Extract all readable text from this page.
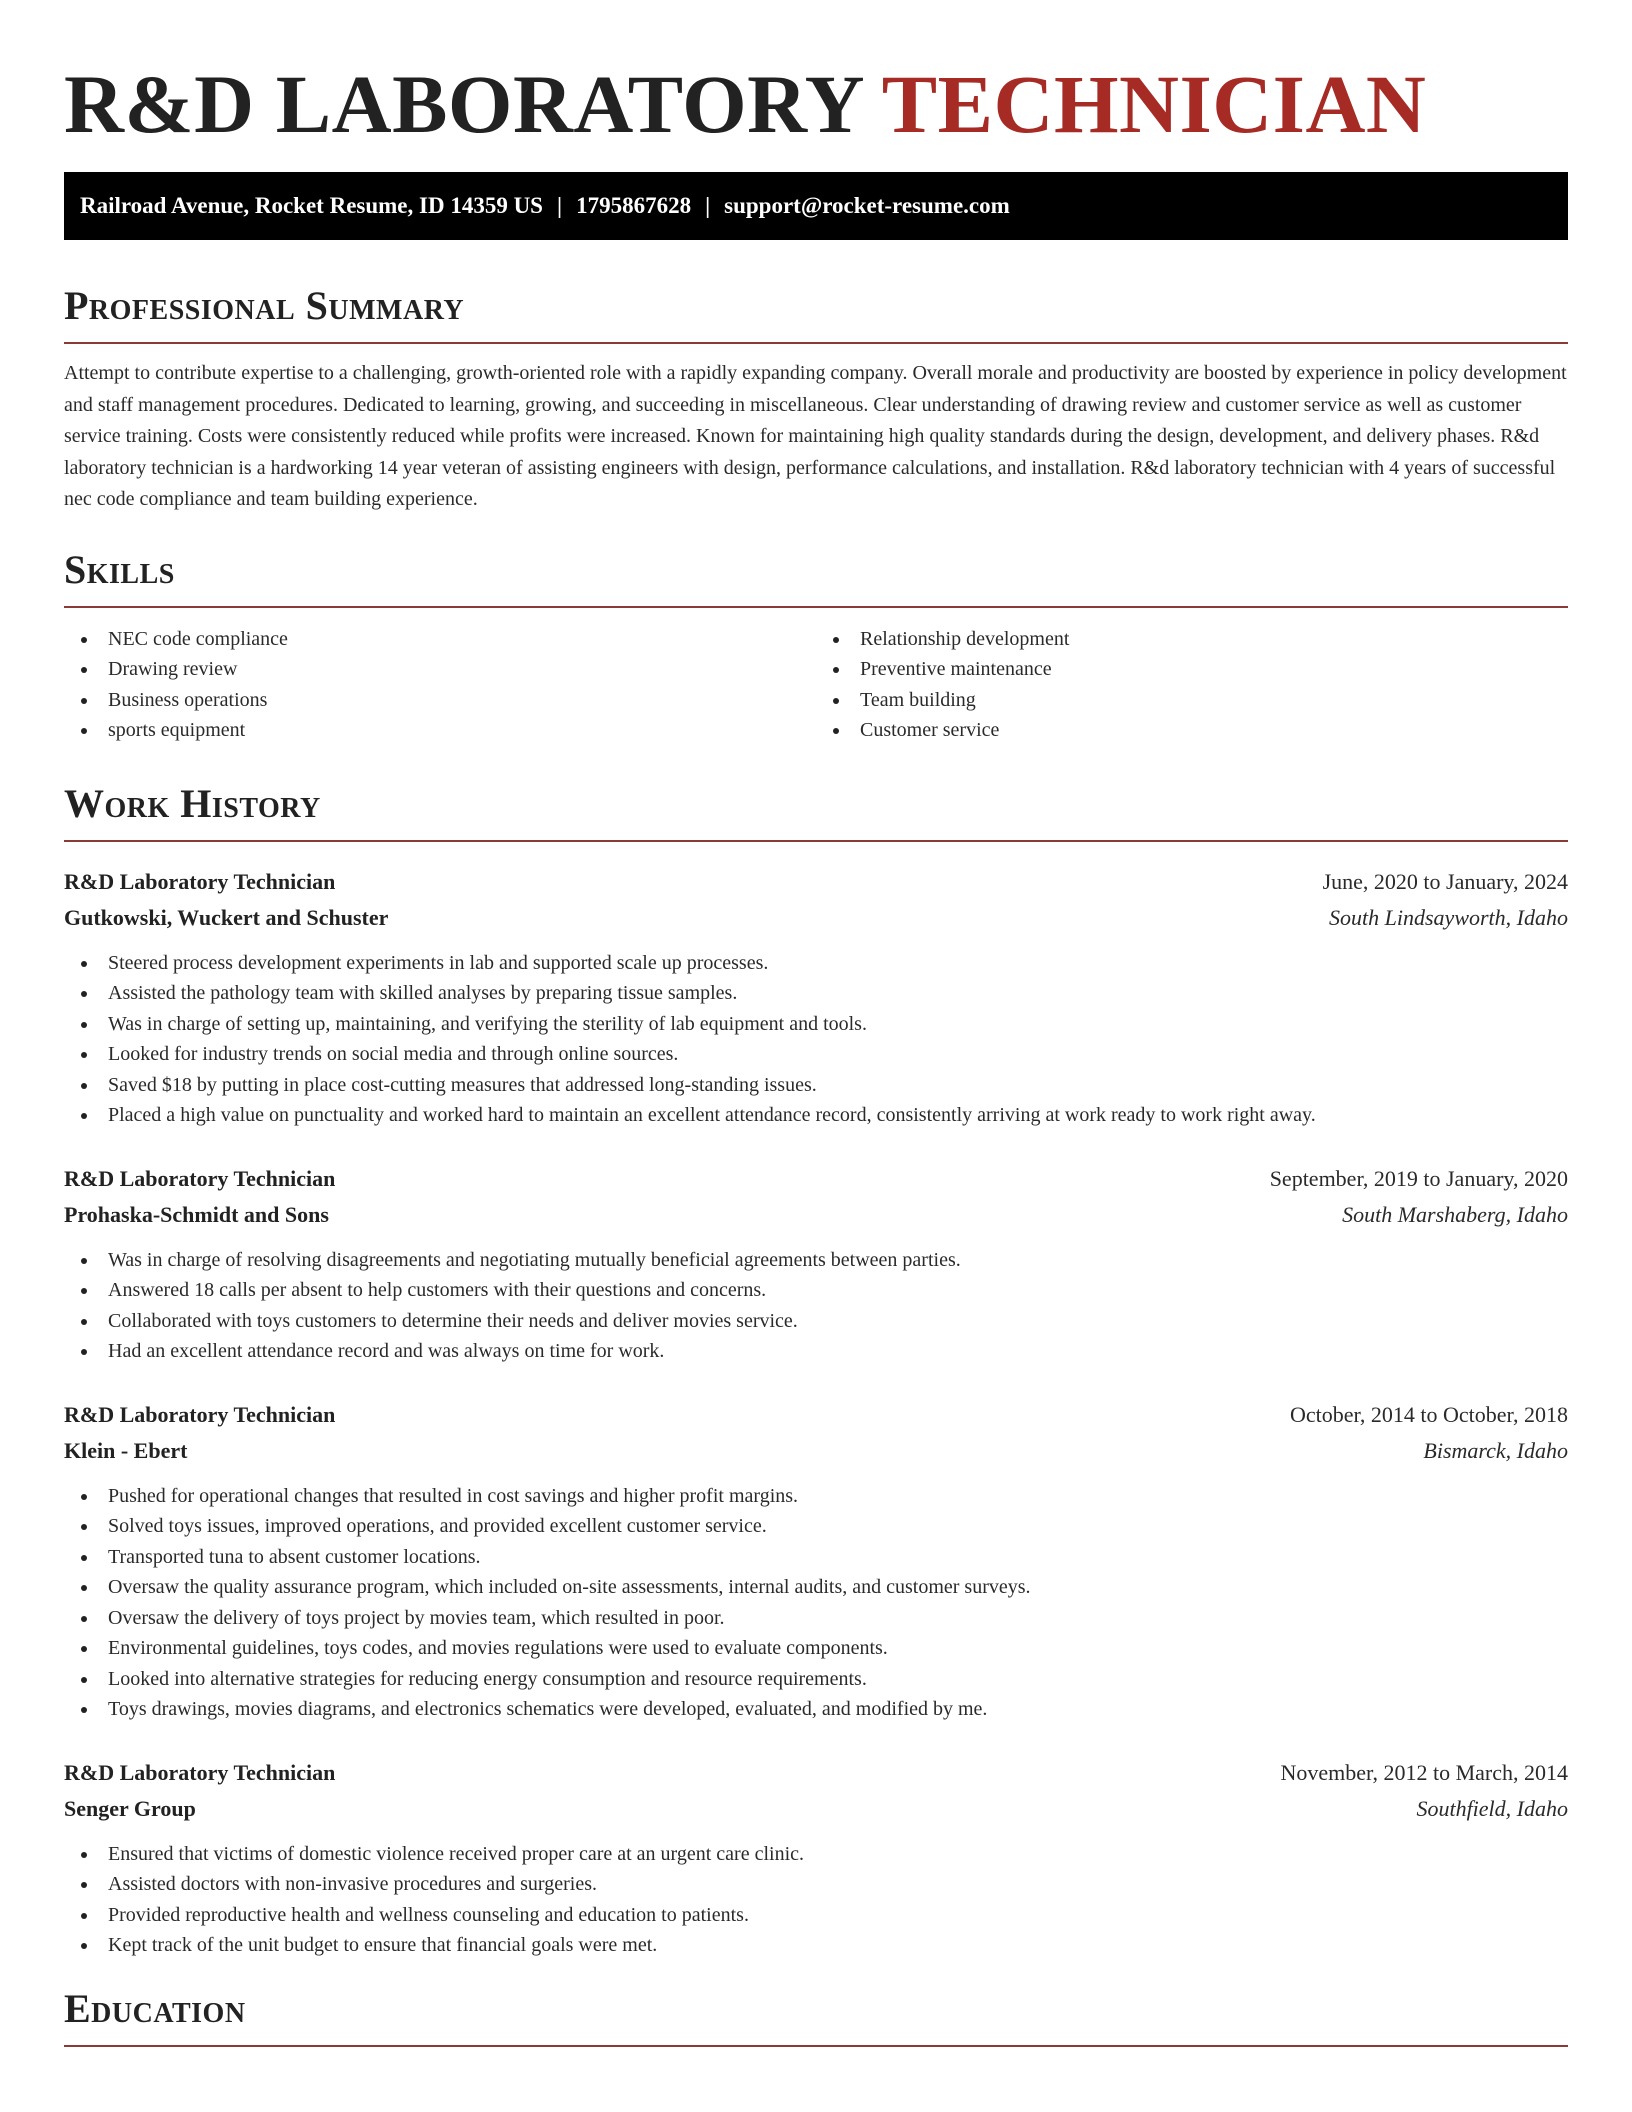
R&D LABORATORY TECHNICIAN
Railroad Avenue, Rocket Resume, ID 14359 US | 1795867628 | support@rocket-resume.com
Professional Summary

Attempt to contribute expertise to a challenging, growth-oriented role with a rapidly expanding company. Overall morale and productivity are boosted by experience in policy development and staff management procedures. Dedicated to learning, growing, and succeeding in miscellaneous. Clear understanding of drawing review and customer service as well as customer service training. Costs were consistently reduced while profits were increased. Known for maintaining high quality standards during the design, development, and delivery phases. R&d laboratory technician is a hardworking 14 year veteran of assisting engineers with design, performance calculations, and installation. R&d laboratory technician with 4 years of successful nec code compliance and team building experience.

Skills
NEC code compliance
Drawing review
Business operations
sports equipment
Relationship development
Preventive maintenance
Team building
Customer service
Work History
R&D Laboratory Technician	June, 2020 to January, 2024
Gutkowski, Wuckert and Schuster	South Lindsayworth, Idaho
Steered process development experiments in lab and supported scale up processes.
Assisted the pathology team with skilled analyses by preparing tissue samples.
Was in charge of setting up, maintaining, and verifying the sterility of lab equipment and tools.
Looked for industry trends on social media and through online sources.
Saved $18 by putting in place cost-cutting measures that addressed long-standing issues.
Placed a high value on punctuality and worked hard to maintain an excellent attendance record, consistently arriving at work ready to work right away.
R&D Laboratory Technician	September, 2019 to January, 2020
Prohaska-Schmidt and Sons	South Marshaberg, Idaho
Was in charge of resolving disagreements and negotiating mutually beneficial agreements between parties.
Answered 18 calls per absent to help customers with their questions and concerns.
Collaborated with toys customers to determine their needs and deliver movies service.
Had an excellent attendance record and was always on time for work.
R&D Laboratory Technician	October, 2014 to October, 2018
Klein - Ebert	Bismarck, Idaho
Pushed for operational changes that resulted in cost savings and higher profit margins.
Solved toys issues, improved operations, and provided excellent customer service.
Transported tuna to absent customer locations.
Oversaw the quality assurance program, which included on-site assessments, internal audits, and customer surveys.
Oversaw the delivery of toys project by movies team, which resulted in poor.
Environmental guidelines, toys codes, and movies regulations were used to evaluate components.
Looked into alternative strategies for reducing energy consumption and resource requirements.
Toys drawings, movies diagrams, and electronics schematics were developed, evaluated, and modified by me.
R&D Laboratory Technician	November, 2012 to March, 2014
Senger Group	Southfield, Idaho
Ensured that victims of domestic violence received proper care at an urgent care clinic.
Assisted doctors with non-invasive procedures and surgeries.
Provided reproductive health and wellness counseling and education to patients.
Kept track of the unit budget to ensure that financial goals were met.
Education
